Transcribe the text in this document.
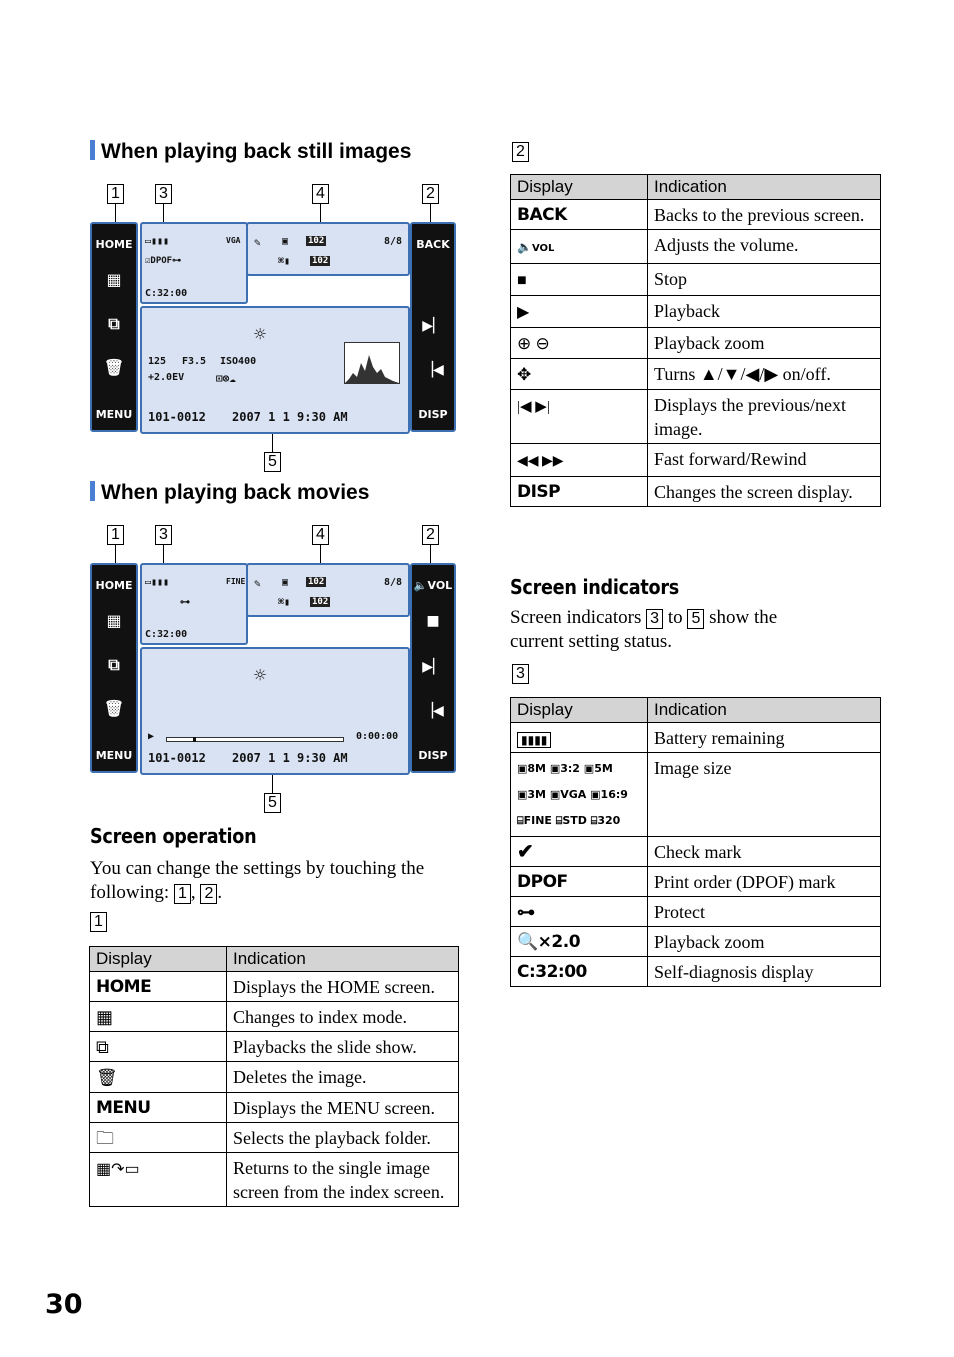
When playing back still images
1 3	4	2
HOME
▦
⧉
🗑
MENU
▭▮▮▮	VGA
☑DPOF⊶
C:32:00
✎ ▣ 102	8/8
⌘▮ 102
☼
125 F3.5 ISO400
+2.0EV	⊡⊗☁
101-0012 2007 1 1 9:30 AM
BACK
▶▏
▕◀
DISP
5
When playing back movies
1 3	4	2
HOME
▦
⧉
🗑
MENU
▭▮▮▮	FINE
⊶
C:32:00
✎ ▣ 102	8/8
⌘▮ 102
☼
▶	0:00:00
101-0012 2007 1 1 9:30 AM
🔈VOL
■
▶▏
▕◀
DISP
5
Screen operation
You can change the settings by touching the
following: 1 , 2 .
1
Display	Indication
HOME	Displays the HOME screen.
▦	Changes to index mode.
⧉	Playbacks the slide show.
🗑	Deletes the image.
MENU	Displays the MENU screen.
🗀	Selects the playback folder.
▦↷▭	Returns to the single image screen from the index screen.
30
2
Display	Indication
BACK	Backs to the previous screen.
🔈VOL	Adjusts the volume.
■	Stop
▶	Playback
⊕ ⊖	Playback zoom
✥	Turns ▲/▼/◀/▶ on/off.
|◀ ▶|	Displays the previous/next image.
◀◀ ▶▶	Fast forward/Rewind
DISP	Changes the screen display.
Screen indicators
Screen indicators 3 to 5 show the
current setting status.
3
Display	Indication
▮▮▮▮	Battery remaining
▣8M ▣3:2 ▣5M
▣3M ▣VGA ▣16:9
⌸FINE ⌸STD ⌸320	Image size
✔	Check mark
DPOF	Print order (DPOF) mark
⊶	Protect
🔍×2.0	Playback zoom
C:32:00	Self-diagnosis display
